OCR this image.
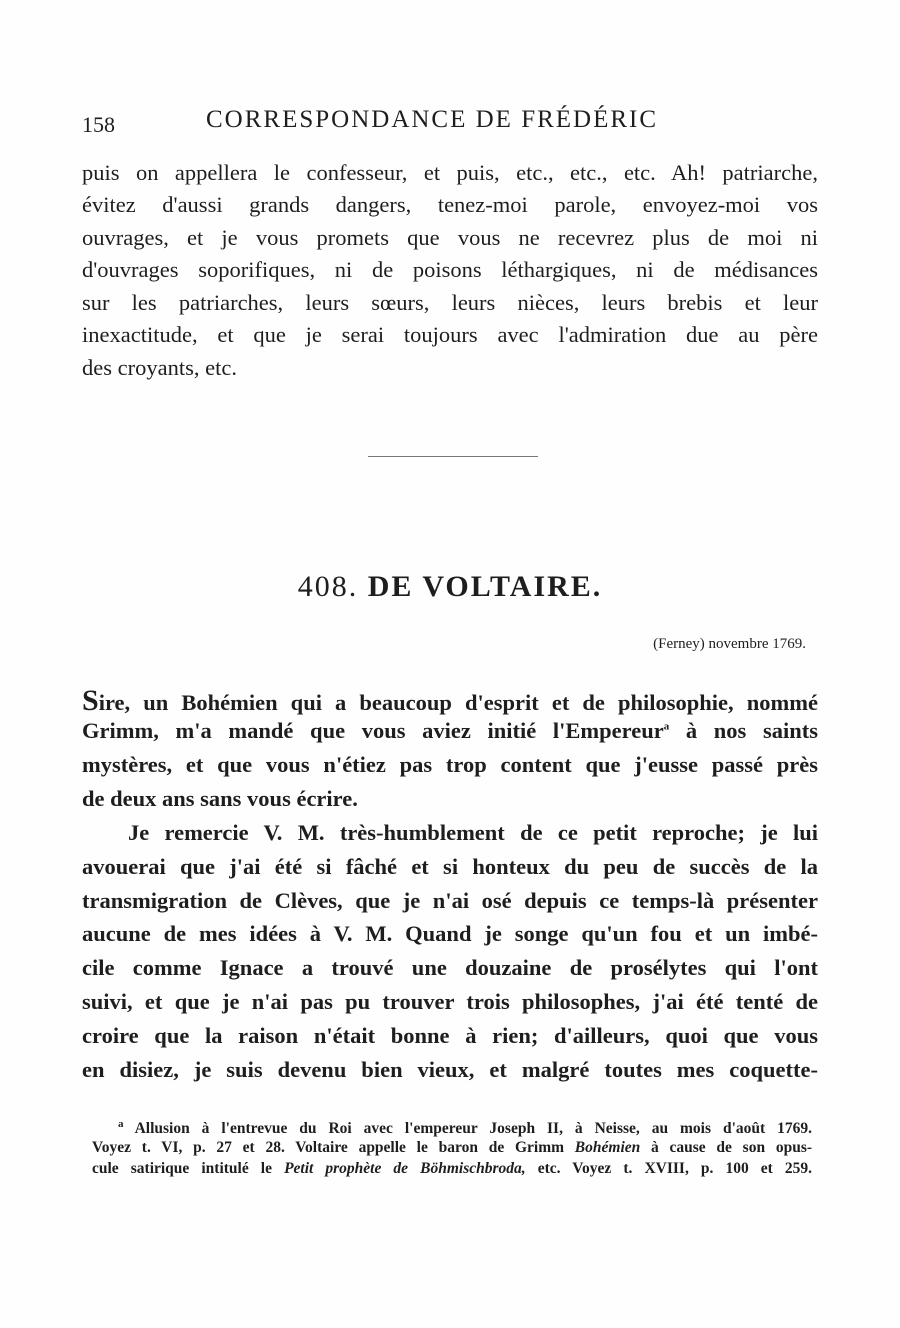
158	CORRESPONDANCE DE FRÉDÉRIC
puis on appellera le confesseur, et puis, etc., etc., etc. Ah! patriarche,
évitez d'aussi grands dangers, tenez-moi parole, envoyez-moi vos
ouvrages, et je vous promets que vous ne recevrez plus de moi ni
d'ouvrages soporifiques, ni de poisons léthargiques, ni de médisances
sur les patriarches, leurs sœurs, leurs nièces, leurs brebis et leur
inexactitude, et que je serai toujours avec l'admiration due au père
des croyants, etc.
408. DE VOLTAIRE.
(Ferney) novembre 1769.
Sire, un Bohémien qui a beaucoup d'esprit et de philosophie, nommé
Grimm, m'a mandé que vous aviez initié l'Empereur$^a$ à nos saints
mystères, et que vous n'étiez pas trop content que j'eusse passé près
de deux ans sans vous écrire.
Je remercie V. M. très-humblement de ce petit reproche; je lui
avouerai que j'ai été si fâché et si honteux du peu de succès de la
transmigration de Clèves, que je n'ai osé depuis ce temps-là présenter
aucune de mes idées à V. M. Quand je songe qu'un fou et un imbé-
cile comme Ignace a trouvé une douzaine de prosélytes qui l'ont
suivi, et que je n'ai pas pu trouver trois philosophes, j'ai été tenté de
croire que la raison n'était bonne à rien; d'ailleurs, quoi que vous
en disiez, je suis devenu bien vieux, et malgré toutes mes coquette-
$^a$ Allusion à l'entrevue du Roi avec l'empereur Joseph II, à Neisse, au mois d'août 1769.
Voyez t. VI, p. 27 et 28. Voltaire appelle le baron de Grimm Bohémien à cause de son opus-
cule satirique intitulé le Petit prophète de Böhmischbroda, etc. Voyez t. XVIII, p. 100 et 259.
